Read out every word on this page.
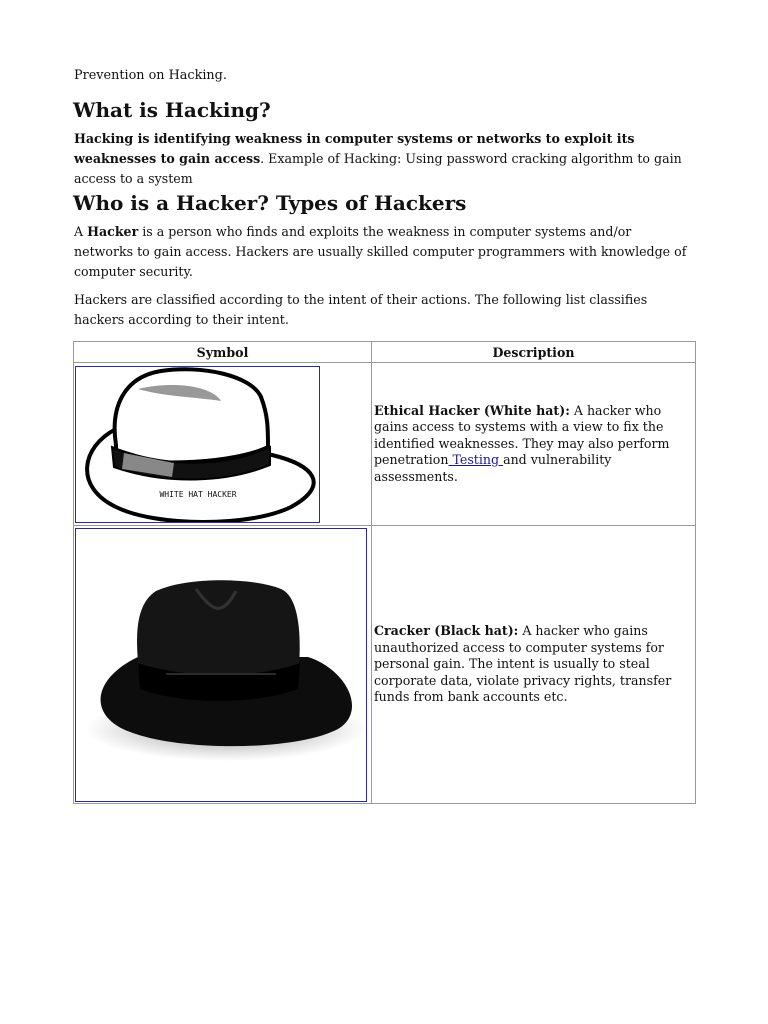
Prevention on Hacking.
What is Hacking?

Hacking is identifying weakness in computer systems or networks to exploit its weaknesses to gain access. Example of Hacking: Using password cracking algorithm to gain access to a system

Who is a Hacker? Types of Hackers

A Hacker is a person who finds and exploits the weakness in computer systems and/or networks to gain access. Hackers are usually skilled computer programmers with knowledge of computer security.

Hackers are classified according to the intent of their actions. The following list classifies hackers according to their intent.

Symbol	Description

WHITE HAT HACKER	Ethical Hacker (White hat): A hacker who gains access to systems with a view to fix the identified weaknesses. They may also perform penetration Testing and vulnerability assessments.

	Cracker (Black hat): A hacker who gains unauthorized access to computer systems for personal gain. The intent is usually to steal corporate data, violate privacy rights, transfer funds from bank accounts etc.
